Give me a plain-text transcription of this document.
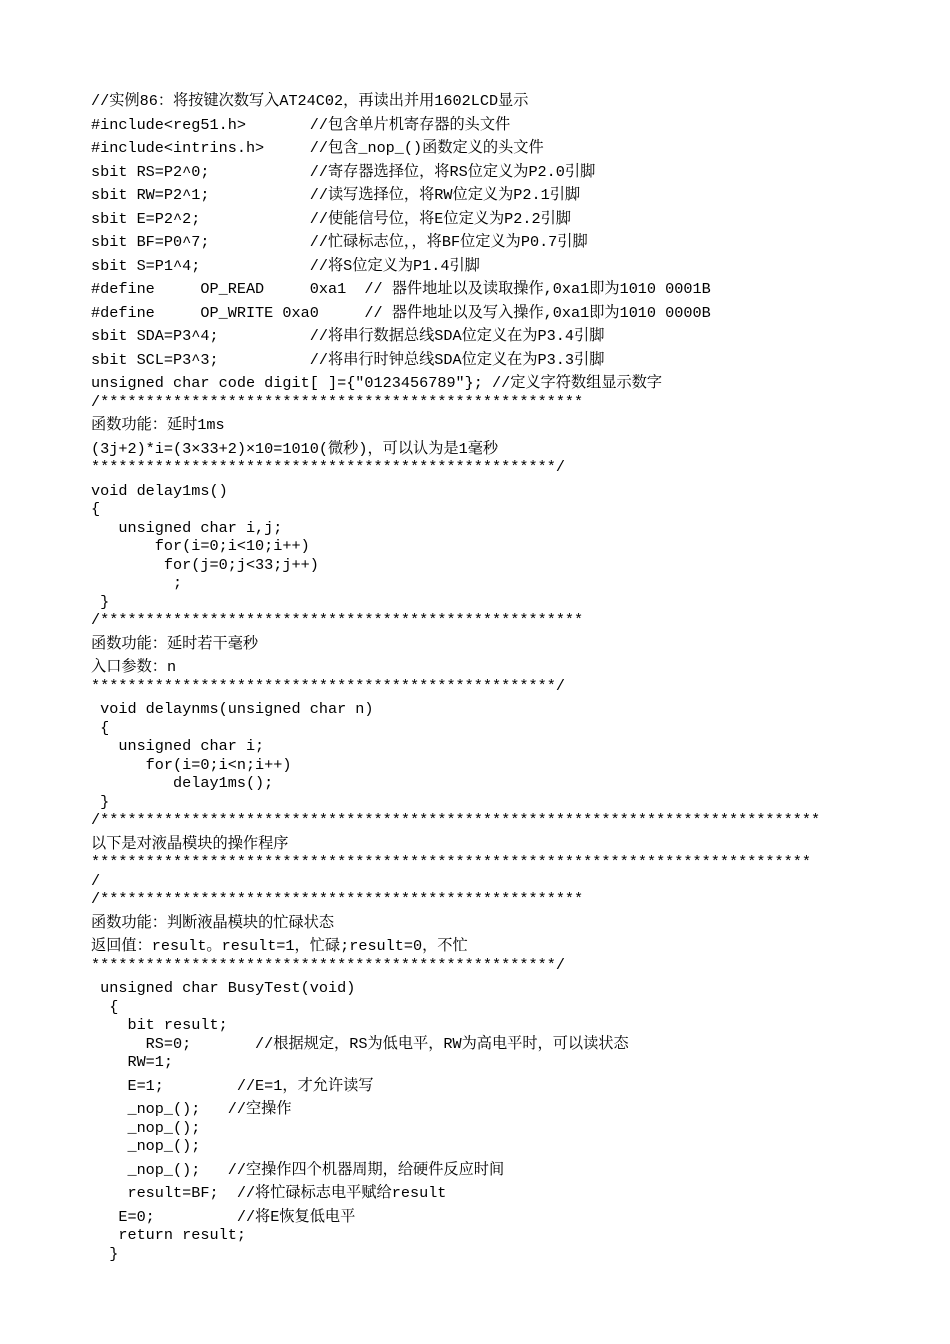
//实例86：将按键次数写入AT24C02，再读出并用1602LCD显示
#include<reg51.h>       //包含单片机寄存器的头文件
#include<intrins.h>     //包含_nop_()函数定义的头文件
sbit RS=P2^0;           //寄存器选择位，将RS位定义为P2.0引脚
sbit RW=P2^1;           //读写选择位，将RW位定义为P2.1引脚
sbit E=P2^2;            //使能信号位，将E位定义为P2.2引脚
sbit BF=P0^7;           //忙碌标志位，，将BF位定义为P0.7引脚
sbit S=P1^4;            //将S位定义为P1.4引脚
#define     OP_READ     0xa1  // 器件地址以及读取操作,0xa1即为1010 0001B
#define     OP_WRITE 0xa0     // 器件地址以及写入操作,0xa1即为1010 0000B
sbit SDA=P3^4;          //将串行数据总线SDA位定义在为P3.4引脚
sbit SCL=P3^3;          //将串行时钟总线SDA位定义在为P3.3引脚
unsigned char code digit[ ]={"0123456789"}; //定义字符数组显示数字
/*****************************************************
函数功能：延时1ms
(3j+2)*i=(3×33+2)×10=1010(微秒)，可以认为是1毫秒
***************************************************/
void delay1ms()
{
unsigned char i,j;
for(i=0;i<10;i++)
for(j=0;j<33;j++)
;
}
/*****************************************************
函数功能：延时若干毫秒
入口参数：n
***************************************************/
void delaynms(unsigned char n)
{
unsigned char i;
for(i=0;i<n;i++)
delay1ms();
}
/*******************************************************************************
以下是对液晶模块的操作程序
*******************************************************************************
/
/*****************************************************
函数功能：判断液晶模块的忙碌状态
返回值：result。result=1，忙碌;result=0，不忙
***************************************************/
unsigned char BusyTest(void)
{
bit result;
RS=0;       //根据规定，RS为低电平，RW为高电平时，可以读状态
RW=1;
E=1;        //E=1，才允许读写
_nop_();   //空操作
_nop_();
_nop_();
_nop_();   //空操作四个机器周期，给硬件反应时间
result=BF;  //将忙碌标志电平赋给result
E=0;         //将E恢复低电平
return result;
}
